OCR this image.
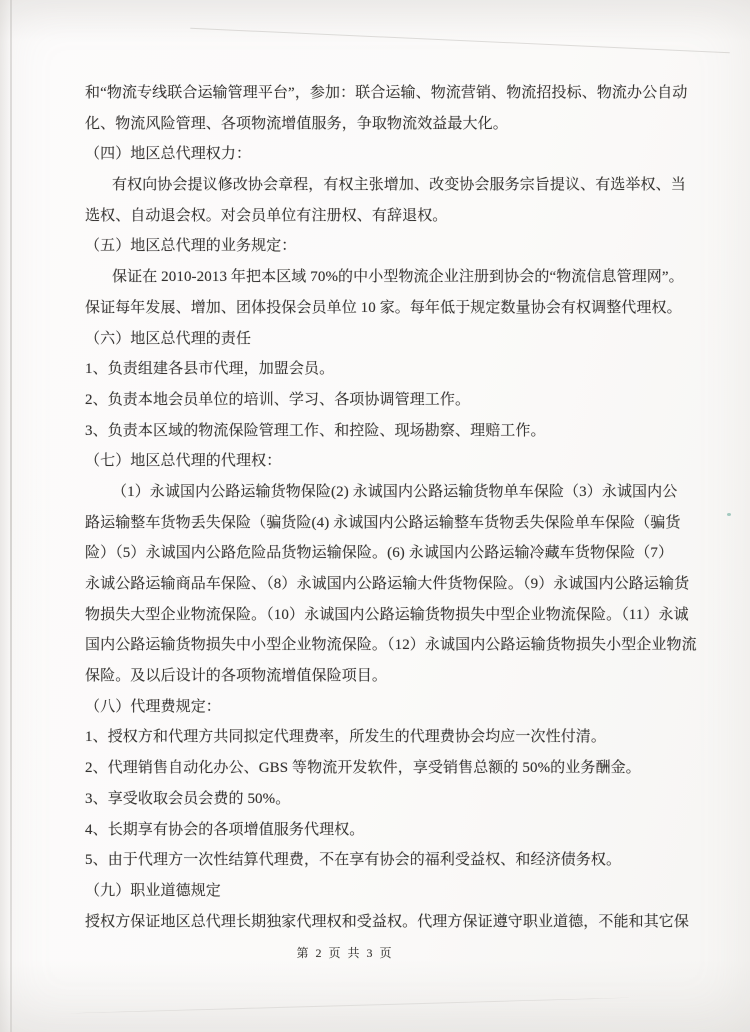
和“物流专线联合运输管理平台”，参加：联合运输、物流营销、物流招投标、物流办公自动
化、物流风险管理、各项物流增值服务，争取物流效益最大化。
（四）地区总代理权力：
有权向协会提议修改协会章程，有权主张增加、改变协会服务宗旨提议、有选举权、当
选权、自动退会权。对会员单位有注册权、有辞退权。
（五）地区总代理的业务规定：
保证在 2010-2013 年把本区域 70%的中小型物流企业注册到协会的“物流信息管理网”。
保证每年发展、增加、团体投保会员单位 10 家。每年低于规定数量协会有权调整代理权。
（六）地区总代理的责任
1、负责组建各县市代理，加盟会员。
2、负责本地会员单位的培训、学习、各项协调管理工作。
3、负责本区域的物流保险管理工作、和控险、现场勘察、理赔工作。
（七）地区总代理的代理权：
（1）永诚国内公路运输货物保险(2) 永诚国内公路运输货物单车保险（3）永诚国内公
路运输整车货物丢失保险（骗货险(4) 永诚国内公路运输整车货物丢失保险单车保险（骗货
险）（5）永诚国内公路危险品货物运输保险。(6) 永诚国内公路运输冷藏车货物保险（7）
永诚公路运输商品车保险、（8）永诚国内公路运输大件货物保险。（9）永诚国内公路运输货
物损失大型企业物流保险。（10）永诚国内公路运输货物损失中型企业物流保险。（11）永诚
国内公路运输货物损失中小型企业物流保险。（12）永诚国内公路运输货物损失小型企业物流
保险。及以后设计的各项物流增值保险项目。
（八）代理费规定：
1、授权方和代理方共同拟定代理费率，所发生的代理费协会均应一次性付清。
2、代理销售自动化办公、GBS 等物流开发软件，享受销售总额的 50%的业务酬金。
3、享受收取会员会费的 50%。
4、长期享有协会的各项增值服务代理权。
5、由于代理方一次性结算代理费，不在享有协会的福利受益权、和经济债务权。
（九）职业道德规定
授权方保证地区总代理长期独家代理权和受益权。代理方保证遵守职业道德，不能和其它保
第 2 页 共 3 页
